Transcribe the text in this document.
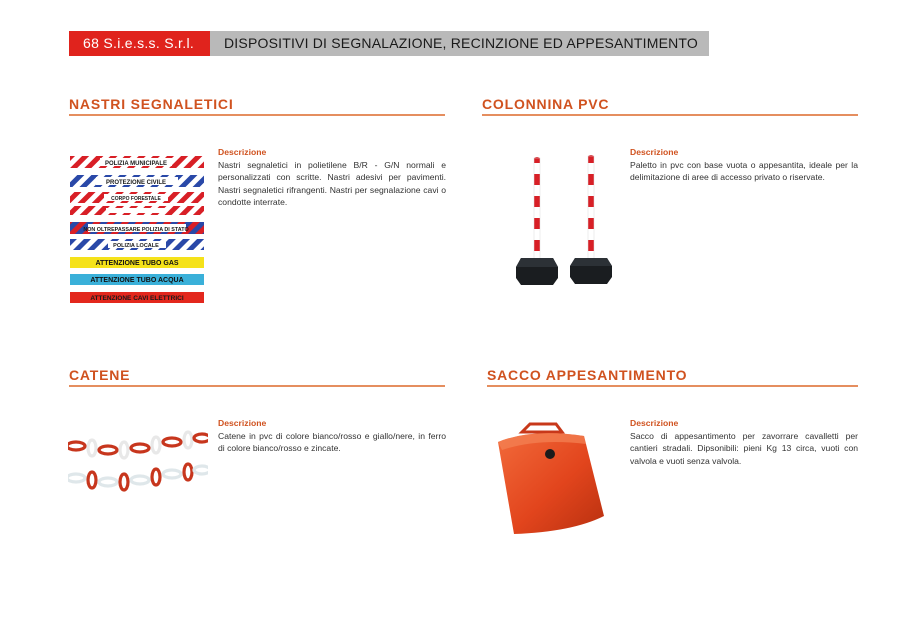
68 S.i.e.s.s. S.r.l.	DISPOSITIVI DI SEGNALAZIONE, RECINZIONE ED APPESANTIMENTO
NASTRI SEGNALETICI
POLIZIA MUNICIPALE
PROTEZIONE CIVILE
CORPO FORESTALE
NON OLTREPASSARE POLIZIA DI STATO
POLIZIA LOCALE
ATTENZIONE TUBO GAS
ATTENZIONE TUBO ACQUA
ATTENZIONE CAVI ELETTRICI
Descrizione
Nastri segnaletici in polietilene B/R - G/N normali e personalizzati con scritte. Nastri adesivi per pavimenti. Nastri segnaletici rifrangenti. Nastri per segnalazione cavi o condotte interrate.
COLONNINA PVC
Descrizione
Paletto in pvc con base vuota o appesantita, ideale per la delimitazione di aree di accesso privato o riservate.
CATENE
Descrizione
Catene in pvc di colore bianco/rosso e giallo/nere, in ferro di colore bianco/rosso e zincate.
SACCO APPESANTIMENTO
Descrizione
Sacco di appesantimento per zavorrare cavalletti per cantieri stradali. Dipsonibili: pieni Kg 13 circa, vuoti con valvola e vuoti senza valvola.
